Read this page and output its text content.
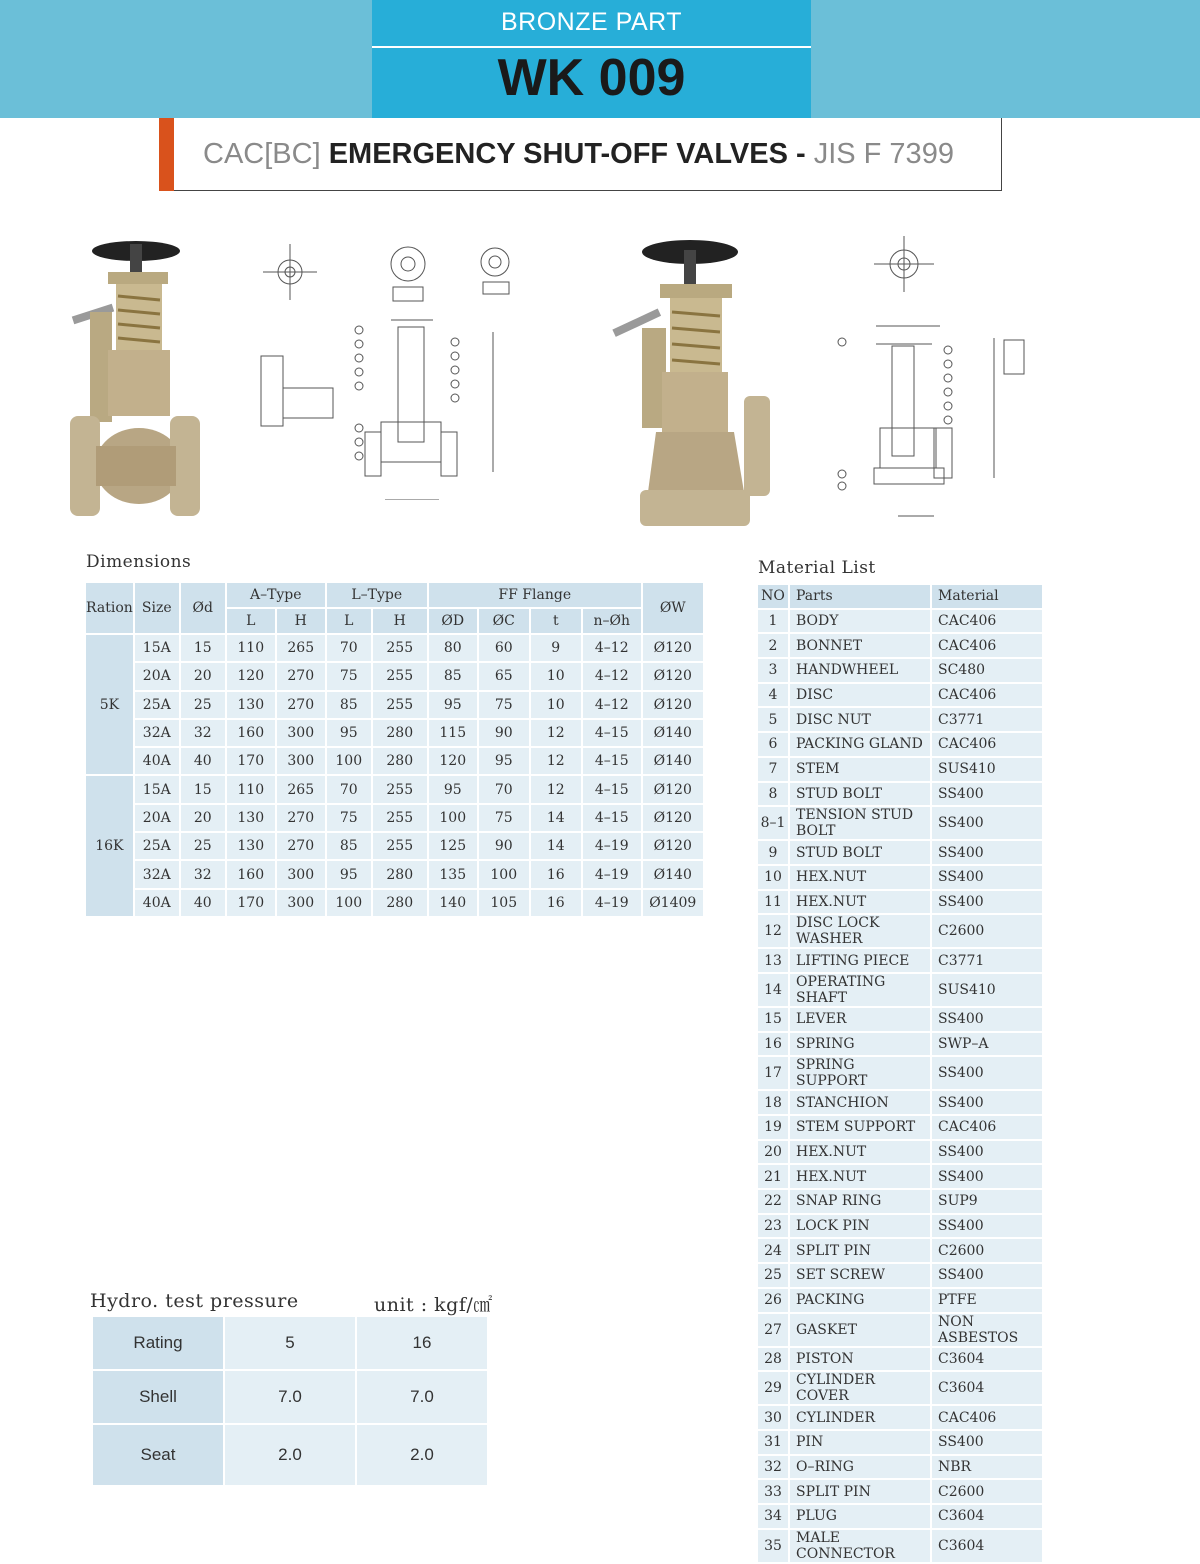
BRONZE PART
WK 009
CAC[BC] EMERGENCY SHUT-OFF VALVES - JIS F 7399
Dimensions	Material List
Ration	Size	Ød	A–Type		L–Type		FF Flange				ØW
			L	H	L	H	ØD	ØC	t	n–Øh	
5K	15A	15	110	265	70	255	80	60	9	4–12	Ø120
	20A	20	120	270	75	255	85	65	10	4–12	Ø120
	25A	25	130	270	85	255	95	75	10	4–12	Ø120
	32A	32	160	300	95	280	115	90	12	4–15	Ø140
	40A	40	170	300	100	280	120	95	12	4–15	Ø140
16K	15A	15	110	265	70	255	95	70	12	4–15	Ø120
	20A	20	130	270	75	255	100	75	14	4–15	Ø120
	25A	25	130	270	85	255	125	90	14	4–19	Ø120
	32A	32	160	300	95	280	135	100	16	4–19	Ø140
	40A	40	170	300	100	280	140	105	16	4–19	Ø1409
NO	Parts	Material
1	BODY	CAC406
2	BONNET	CAC406
3	HANDWHEEL	SC480
4	DISC	CAC406
5	DISC NUT	C3771
6	PACKING GLAND	CAC406
7	STEM	SUS410
8	STUD BOLT	SS400
8–1	TENSION STUD BOLT	SS400
9	STUD BOLT	SS400
10	HEX.NUT	SS400
11	HEX.NUT	SS400
12	DISC LOCK WASHER	C2600
13	LIFTING PIECE	C3771
14	OPERATING SHAFT	SUS410
15	LEVER	SS400
16	SPRING	SWP–A
17	SPRING SUPPORT	SS400
18	STANCHION	SS400
19	STEM SUPPORT	CAC406
20	HEX.NUT	SS400
21	HEX.NUT	SS400
22	SNAP RING	SUP9
23	LOCK PIN	SS400
24	SPLIT PIN	C2600
25	SET SCREW	SS400
26	PACKING	PTFE
27	GASKET	NON ASBESTOS
28	PISTON	C3604
29	CYLINDER COVER	C3604
30	CYLINDER	CAC406
31	PIN	SS400
32	O–RING	NBR
33	SPLIT PIN	C2600
34	PLUG	C3604
35	MALE CONNECTOR	C3604
Hydro. test pressure	unit : kgf/㎠
Rating	5	16
Shell	7.0	7.0
Seat	2.0	2.0
